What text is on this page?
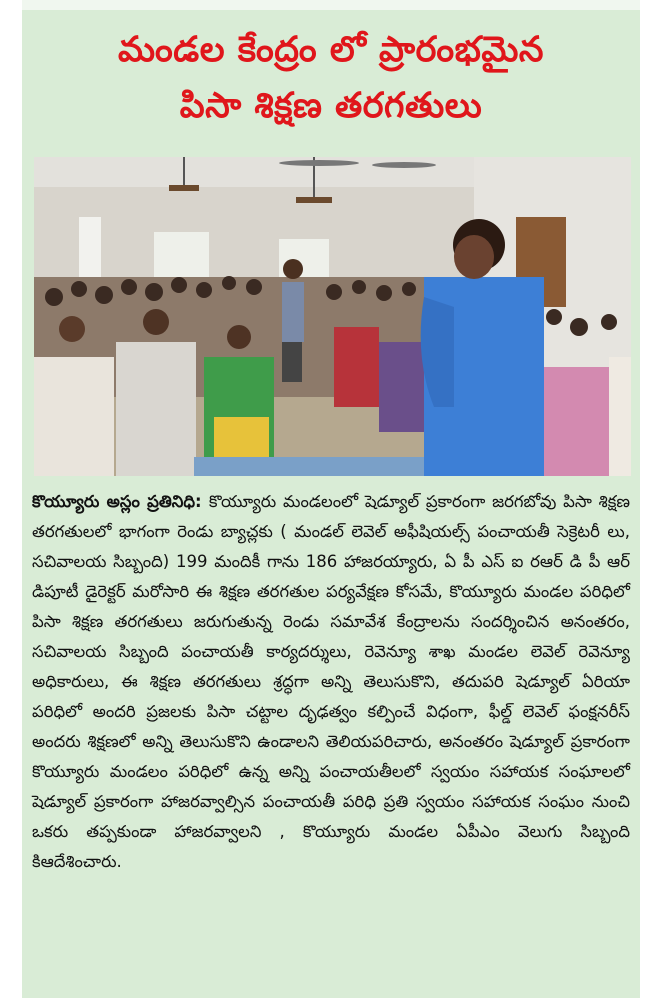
మండల కేంద్రం లో ప్రారంభమైన
పిసా శిక్షణ తరగతులు
కొయ్యూరు అస్లం ప్రతినిధి: కొయ్యూరు మండలంలో షెడ్యూల్ ప్రకారంగా జరగబోవు పిసా శిక్షణ తరగతులలో భాగంగా రెండు బ్యాచ్లకు ( మండల్ లెవెల్ అఫీషియల్స్ పంచాయతీ సెక్రెటరీ లు, సచివాలయ సిబ్బంది) 199 మందికీ గాను 186 హాజరయ్యారు, ఏ పీ ఎస్ ఐ రఆర్ డి పీ ఆర్ డిపూటీ డైరెక్టర్ మరోసారి ఈ శిక్షణ తరగతుల పర్యవేక్షణ కోసమే, కొయ్యూరు మండల పరిధిలో పిసా శిక్షణ తరగతులు జరుగుతున్న రెండు సమావేశ కేంద్రాలను సందర్శించిన అనంతరం, సచివాలయ సిబ్బంది పంచాయతీ కార్యదర్శులు, రెవెన్యూ శాఖ మండల లెవెల్ రెవెన్యూ అధికారులు, ఈ శిక్షణ తరగతులు శ్రద్ధగా అన్ని తెలుసుకొని, తదుపరి షెడ్యూల్ ఏరియా పరిధిలో అందరి ప్రజలకు పిసా చట్టాల దృఢత్వం కల్పించే విధంగా, ఫీల్డ్ లెవెల్ ఫంక్షనరీస్ అందరు శిక్షణలో అన్ని తెలుసుకొని ఉండాలని తెలియపరిచారు, అనంతరం షెడ్యూల్ ప్రకారంగా కొయ్యూరు మండలం పరిధిలో ఉన్న అన్ని పంచాయతీలలో స్వయం సహాయక సంఘాలలో షెడ్యూల్ ప్రకారంగా హాజరవ్వాల్సిన పంచాయతీ పరిధి ప్రతి స్వయం సహాయక సంఘం నుంచి ఒకరు తప్పకుండా హాజరవ్వాలని , కొయ్యూరు మండల ఏపీఎం వెలుగు సిబ్బంది కిఆదేశించారు.
